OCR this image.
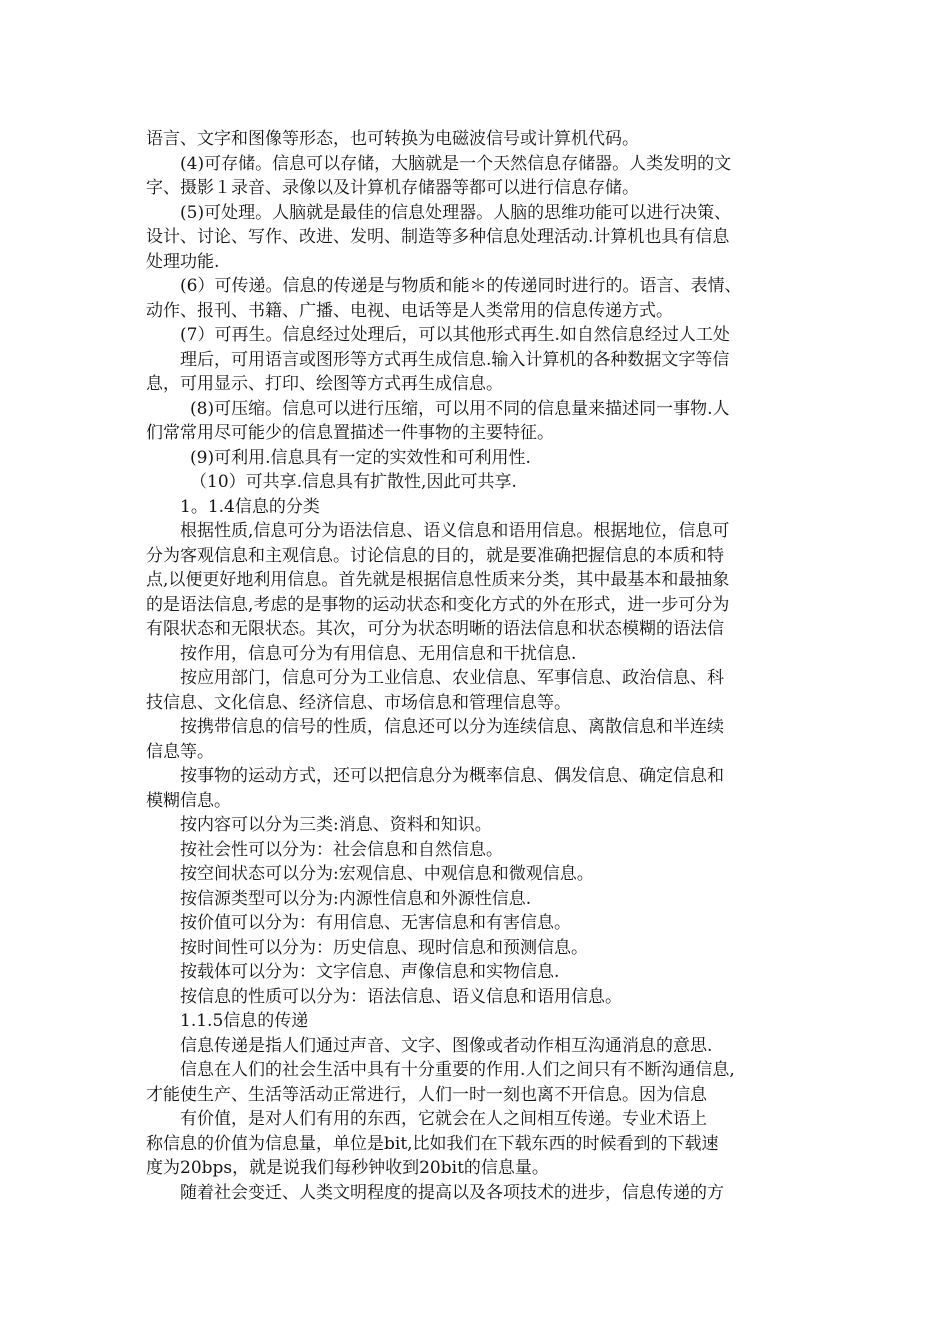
语言、文字和图像等形态，也可转换为电磁波信号或计算机代码。
(4)可存储。信息可以存储，大脑就是一个天然信息存储器。人类发明的文
字、摄影１录音、录像以及计算机存储器等都可以进行信息存储。
(5)可处理。人脑就是最佳的信息处理器。人脑的思维功能可以进行决策、
设计、讨论、写作、改进、发明、制造等多种信息处理活动.计算机也具有信息
处理功能.
(6）可传递。信息的传递是与物质和能＊的传递同时进行的。语言、表情、
动作、报刊、书籍、广播、电视、电话等是人类常用的信息传递方式。
(7）可再生。信息经过处理后，可以其他形式再生.如自然信息经过人工处
理后，可用语言或图形等方式再生成信息.输入计算机的各种数据文字等信
息，可用显示、打印、绘图等方式再生成信息。
(8)可压缩。信息可以进行压缩，可以用不同的信息量来描述同一事物.人
们常常用尽可能少的信息置描述一件事物的主要特征。
(9)可利用.信息具有一定的实效性和可利用性.
（10）可共享.信息具有扩散性,因此可共享.
1。1.4信息的分类
根据性质,信息可分为语法信息、语义信息和语用信息。根据地位，信息可
分为客观信息和主观信息。讨论信息的目的，就是要准确把握信息的本质和特
点,以便更好地利用信息。首先就是根据信息性质来分类，其中最基本和最抽象
的是语法信息,考虑的是事物的运动状态和变化方式的外在形式，进一步可分为
有限状态和无限状态。其次，可分为状态明晰的语法信息和状态模糊的语法信
按作用，信息可分为有用信息、无用信息和干扰信息.
按应用部门，信息可分为工业信息、农业信息、军事信息、政治信息、科
技信息、文化信息、经济信息、市场信息和管理信息等。
按携带信息的信号的性质，信息还可以分为连续信息、离散信息和半连续
信息等。
按事物的运动方式，还可以把信息分为概率信息、偶发信息、确定信息和
模糊信息。
按内容可以分为三类:消息、资料和知识。
按社会性可以分为：社会信息和自然信息。
按空间状态可以分为:宏观信息、中观信息和微观信息。
按信源类型可以分为:内源性信息和外源性信息.
按价值可以分为：有用信息、无害信息和有害信息。
按时间性可以分为：历史信息、现时信息和预测信息。
按载体可以分为：文字信息、声像信息和实物信息.
按信息的性质可以分为：语法信息、语义信息和语用信息。
1.1.5信息的传递
信息传递是指人们通过声音、文字、图像或者动作相互沟通消息的意思.
信息在人们的社会生活中具有十分重要的作用.人们之间只有不断沟通信息,
才能使生产、生活等活动正常进行，人们一时一刻也离不开信息。因为信息
有价值，是对人们有用的东西，它就会在人之间相互传递。专业术语上
称信息的价值为信息量，单位是bit,比如我们在下载东西的时候看到的下载速
度为20bps，就是说我们每秒钟收到20bit的信息量。
随着社会变迁、人类文明程度的提高以及各项技术的进步，信息传递的方
